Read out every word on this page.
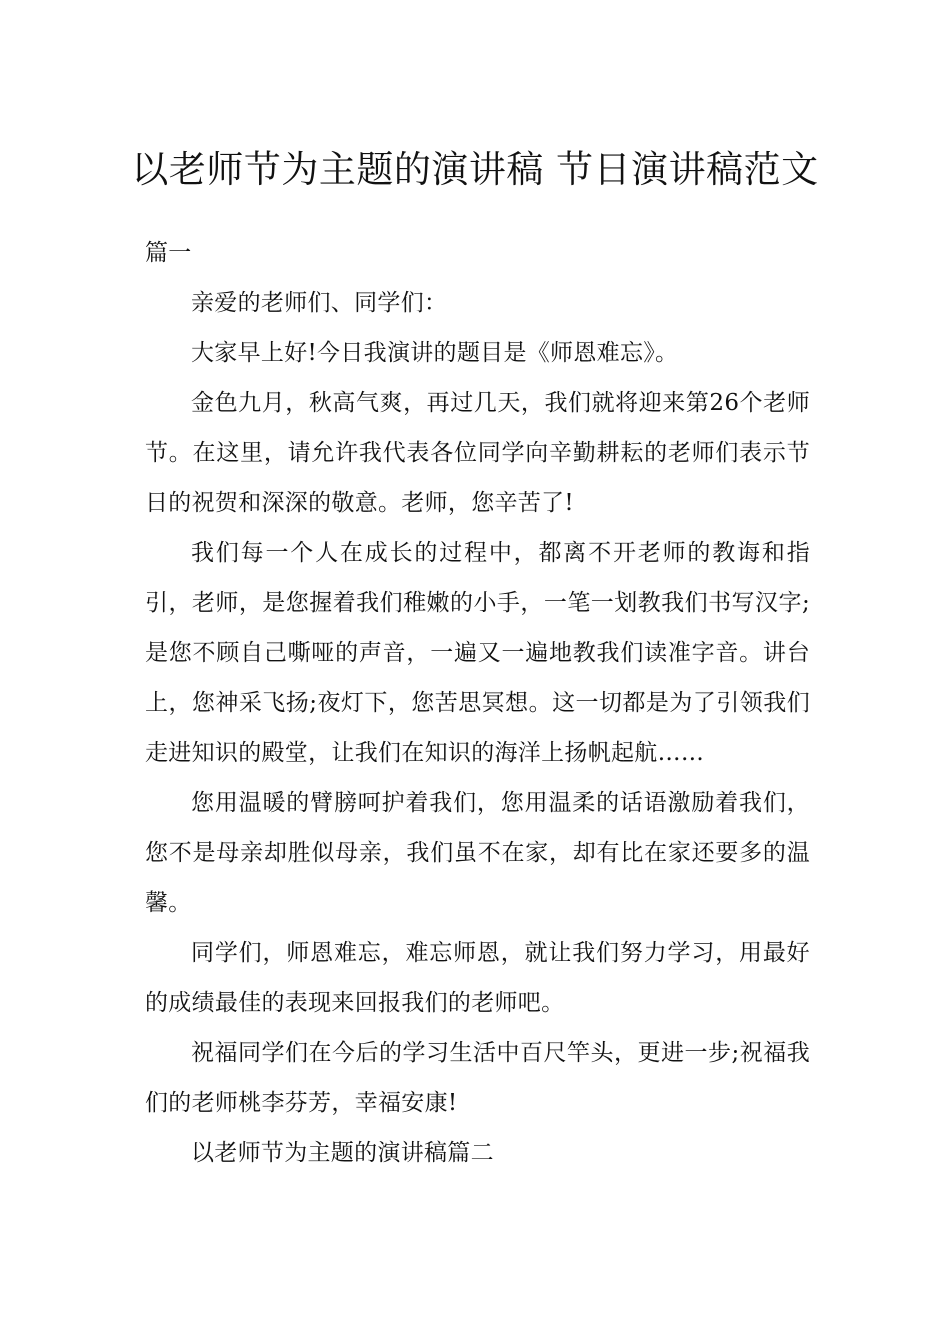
以老师节为主题的演讲稿 节日演讲稿范文

篇一

亲爱的老师们、同学们：

大家早上好!今日我演讲的题目是《师恩难忘》。

金色九月，秋高气爽，再过几天，我们就将迎来第26个老师节。在这里，请允许我代表各位同学向辛勤耕耘的老师们表示节日的祝贺和深深的敬意。老师，您辛苦了!

我们每一个人在成长的过程中，都离不开老师的教诲和指引，老师，是您握着我们稚嫩的小手，一笔一划教我们书写汉字;是您不顾自己嘶哑的声音，一遍又一遍地教我们读准字音。讲台上，您神采飞扬;夜灯下，您苦思冥想。这一切都是为了引领我们走进知识的殿堂，让我们在知识的海洋上扬帆起航……

您用温暖的臂膀呵护着我们，您用温柔的话语激励着我们，您不是母亲却胜似母亲，我们虽不在家，却有比在家还要多的温馨。

同学们，师恩难忘，难忘师恩，就让我们努力学习，用最好的成绩最佳的表现来回报我们的老师吧。

祝福同学们在今后的学习生活中百尺竿头，更进一步;祝福我们的老师桃李芬芳，幸福安康!

以老师节为主题的演讲稿篇二
